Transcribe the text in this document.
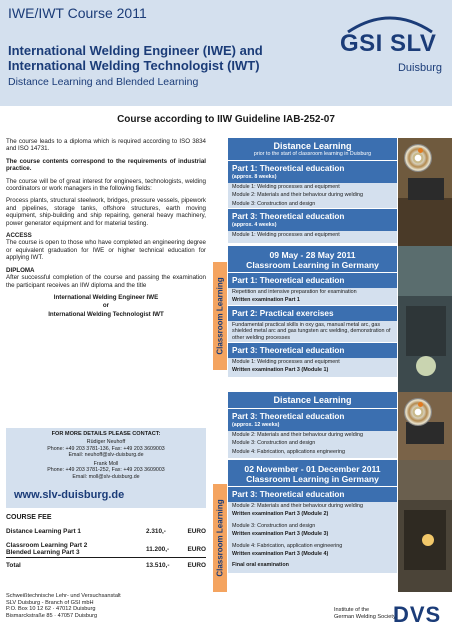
IWE/IWT Course 2011
International Welding Engineer (IWE) and
International Welding Technologist (IWT)
Distance Learning and Blended Learning
GSI SLV
Duisburg
Course according to IIW Guideline IAB-252-07

The course leads to a diploma which is required according to ISO 3834 and ISO 14731.

The course contents correspond to the requirements of industrial practice.

The course will be of great interest for engineers, technologists, welding coordinators or work managers in the following fields:

Process plants, structural steelwork, bridges, pressure vessels, pipework and pipelines, storage tanks, offshore structures, earth moving equipment, ship-building and ship repairing, general heavy machinery, power generator equipment and for material testing.

ACCESS

The course is open to those who have completed an engineering degree or equivalent graduation for IWE or higher technical education for applying IWT.

DIPLOMA

After successful completion of the course and passing the examination the participant receives an IIW diploma and the title

International Welding Engineer IWE
or
International Welding Technologist IWT
FOR MORE DETAILS PLEASE CONTACT:
Rüdiger Neuhoff
Phone: +49 203 3781-136, Fax: +49 203 3609003
Email: neuhoff@slv-duisburg.de
Frank Moll
Phone: +49 203 3781-252, Fax: +49 203 3609003
Email: moll@slv-duisburg.de
www.slv-duisburg.de
COURSE FEE
Distance Learning Part 1	2.310,-	EURO
Classroom Learning Part 2
Blended Learning Part 3	11.200,-	EURO
Total	13.510,-	EURO
Schweißtechnische Lehr- und Versuchsanstalt
SLV Duisburg - Branch of GSI mbH
P.O. Box 10 12 62 · 47012 Duisburg
Bismarckstraße 85 · 47057 Duisburg
Institute of the
German Welding Society
DVS
Classroom Learning
Classroom Learning
Distance Learning
prior to the start of classroom learning in Duisburg
Part 1: Theoretical education
(approx. 8 weeks)
Module 1: Welding processes and equipment
Module 2: Materials and their behaviour during welding
Module 3: Construction and design
Part 3: Theoretical education
(approx. 4 weeks)
Module 1: Welding processes and equipment
09 May - 28 May 2011
Classroom Learning in Germany
Part 1: Theoretical education
Repetition and intensive preparation for examination
Written examination Part 1
Part 2: Practical exercises
Fundamental practical skills in oxy gas, manual metal arc, gas shielded metal arc and gas tungsten arc welding, demonstration of other welding processes
Part 3: Theoretical education
Module 1: Welding processes and equipment
Written examination Part 3 (Module 1)
Distance Learning
Part 3: Theoretical education
(approx. 12 weeks)
Module 2: Materials and their behaviour during welding
Module 3: Construction and design
Module 4: Fabrication, applications engineering
02 November - 01 December 2011
Classroom Learning in Germany
Part 3: Theoretical education
Module 2: Materials and their behaviour during welding
Written examination Part 3 (Module 2)
Module 3: Construction and design
Written examination Part 3 (Module 3)
Module 4: Fabrication, application engineering
Written examination Part 3 (Module 4)
Final oral examination
